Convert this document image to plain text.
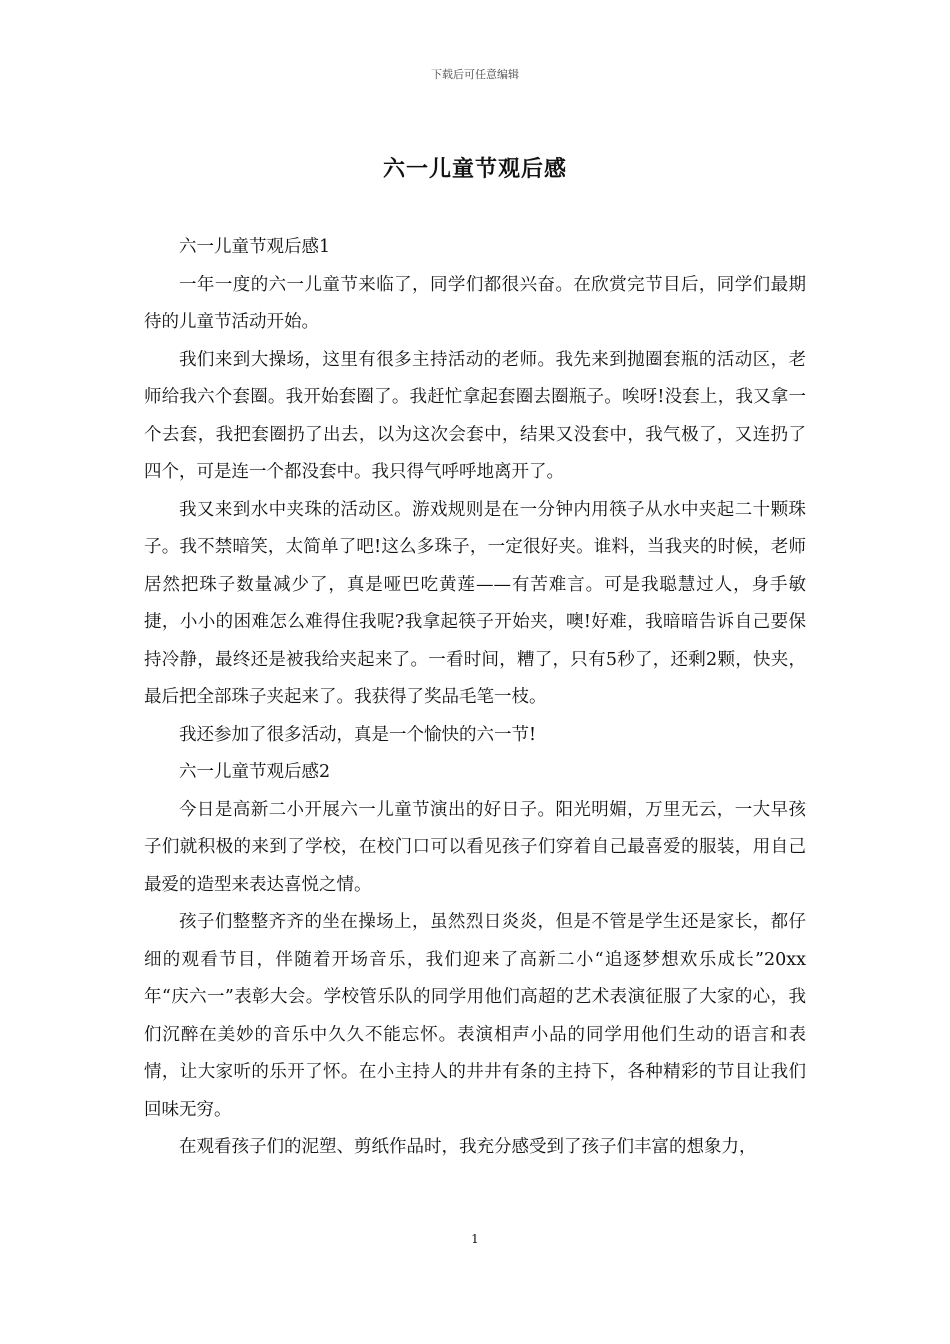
下载后可任意编辑
六一儿童节观后感

六一儿童节观后感1

一年一度的六一儿童节来临了，同学们都很兴奋。在欣赏完节目后，同学们最期待的儿童节活动开始。

我们来到大操场，这里有很多主持活动的老师。我先来到抛圈套瓶的活动区，老师给我六个套圈。我开始套圈了。我赶忙拿起套圈去圈瓶子。唉呀!没套上，我又拿一个去套，我把套圈扔了出去，以为这次会套中，结果又没套中，我气极了，又连扔了四个，可是连一个都没套中。我只得气呼呼地离开了。

我又来到水中夹珠的活动区。游戏规则是在一分钟内用筷子从水中夹起二十颗珠子。我不禁暗笑，太简单了吧!这么多珠子，一定很好夹。谁料，当我夹的时候，老师居然把珠子数量减少了，真是哑巴吃黄莲——有苦难言。可是我聪慧过人，身手敏捷，小小的困难怎么难得住我呢?我拿起筷子开始夹，噢!好难，我暗暗告诉自己要保持冷静，最终还是被我给夹起来了。一看时间，糟了，只有5秒了，还剩2颗，快夹，最后把全部珠子夹起来了。我获得了奖品毛笔一枝。

我还参加了很多活动，真是一个愉快的六一节!

六一儿童节观后感2

今日是高新二小开展六一儿童节演出的好日子。阳光明媚，万里无云，一大早孩子们就积极的来到了学校，在校门口可以看见孩子们穿着自己最喜爱的服装，用自己最爱的造型来表达喜悦之情。

孩子们整整齐齐的坐在操场上，虽然烈日炎炎，但是不管是学生还是家长，都仔细的观看节目，伴随着开场音乐，我们迎来了高新二小“追逐梦想欢乐成长”20xx年“庆六一”表彰大会。学校管乐队的同学用他们高超的艺术表演征服了大家的心，我们沉醉在美妙的音乐中久久不能忘怀。表演相声小品的同学用他们生动的语言和表情，让大家听的乐开了怀。在小主持人的井井有条的主持下，各种精彩的节目让我们回味无穷。

在观看孩子们的泥塑、剪纸作品时，我充分感受到了孩子们丰富的想象力，

1
